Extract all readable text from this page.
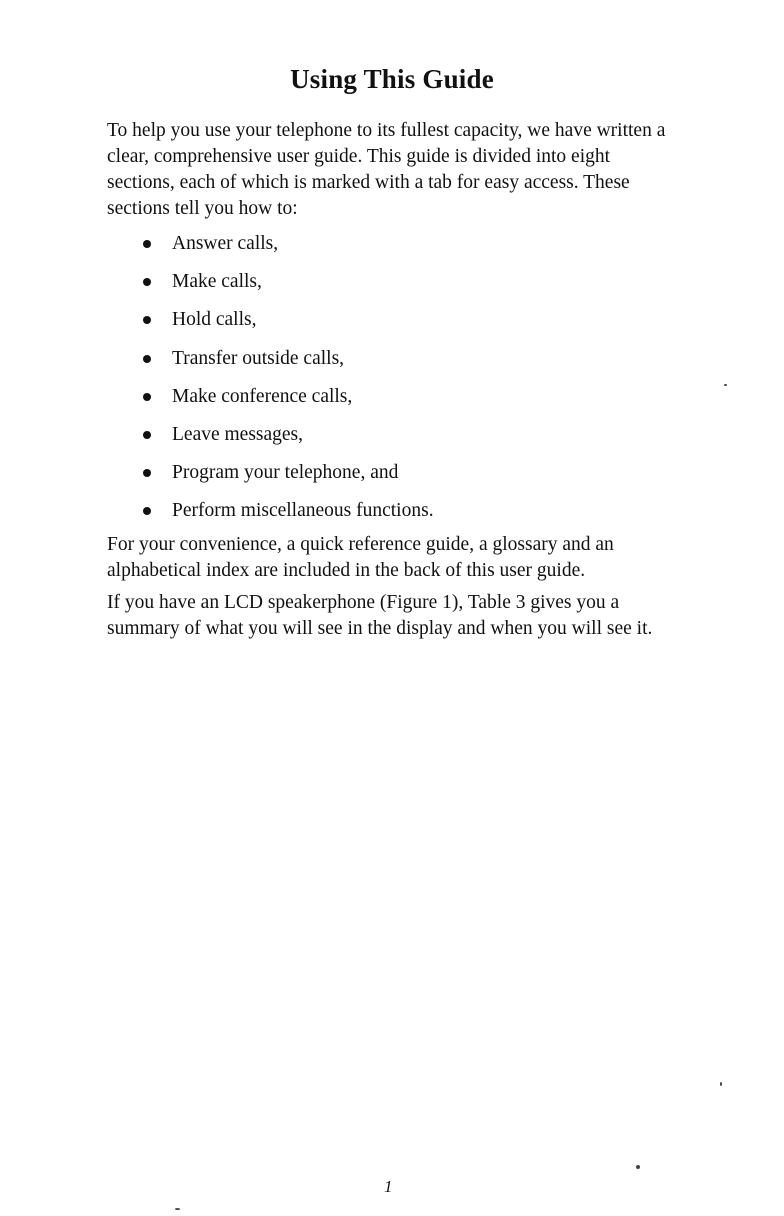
Using This Guide

To help you use your telephone to its fullest capacity, we have written a clear, comprehensive user guide. This guide is divided into eight sections, each of which is marked with a tab for easy access. These sections tell you how to:

Answer calls,
Make calls,
Hold calls,
Transfer outside calls,
Make conference calls,
Leave messages,
Program your telephone, and
Perform miscellaneous functions.

For your convenience, a quick reference guide, a glossary and an alphabetical index are included in the back of this user guide.

If you have an LCD speakerphone (Figure 1), Table 3 gives you a summary of what you will see in the display and when you will see it.

1
